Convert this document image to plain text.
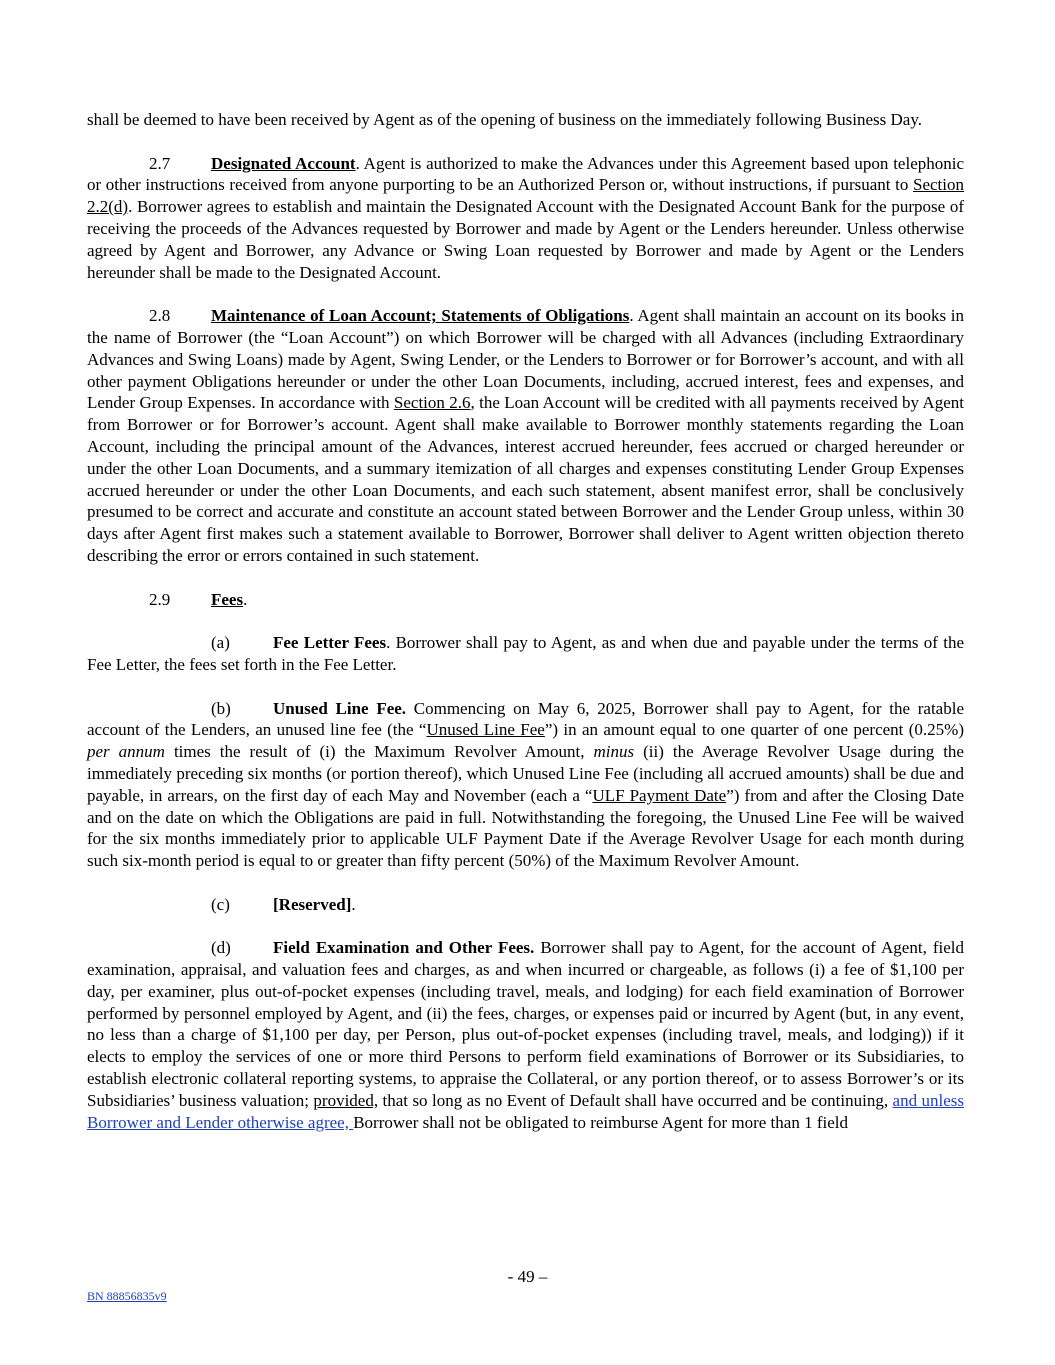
shall be deemed to have been received by Agent as of the opening of business on the immediately following Business Day.

2.7 Designated Account. Agent is authorized to make the Advances under this Agreement based upon telephonic or other instructions received from anyone purporting to be an Authorized Person or, without instructions, if pursuant to Section 2.2(d). Borrower agrees to establish and maintain the Designated Account with the Designated Account Bank for the purpose of receiving the proceeds of the Advances requested by Borrower and made by Agent or the Lenders hereunder. Unless otherwise agreed by Agent and Borrower, any Advance or Swing Loan requested by Borrower and made by Agent or the Lenders hereunder shall be made to the Designated Account.

2.8 Maintenance of Loan Account; Statements of Obligations. Agent shall maintain an account on its books in the name of Borrower (the “Loan Account”) on which Borrower will be charged with all Advances (including Extraordinary Advances and Swing Loans) made by Agent, Swing Lender, or the Lenders to Borrower or for Borrower’s account, and with all other payment Obligations hereunder or under the other Loan Documents, including, accrued interest, fees and expenses, and Lender Group Expenses. In accordance with Section 2.6, the Loan Account will be credited with all payments received by Agent from Borrower or for Borrower’s account. Agent shall make available to Borrower monthly statements regarding the Loan Account, including the principal amount of the Advances, interest accrued hereunder, fees accrued or charged hereunder or under the other Loan Documents, and a summary itemization of all charges and expenses constituting Lender Group Expenses accrued hereunder or under the other Loan Documents, and each such statement, absent manifest error, shall be conclusively presumed to be correct and accurate and constitute an account stated between Borrower and the Lender Group unless, within 30 days after Agent first makes such a statement available to Borrower, Borrower shall deliver to Agent written objection thereto describing the error or errors contained in such statement.

2.9 Fees.

(a)	Fee Letter Fees. Borrower shall pay to Agent, as and when due and payable under the terms of the Fee Letter, the fees set forth in the Fee Letter.

(b) Unused Line Fee. Commencing on May 6, 2025, Borrower shall pay to Agent, for the ratable account of the Lenders, an unused line fee (the “Unused Line Fee”) in an amount equal to one quarter of one percent (0.25%) per annum times the result of (i) the Maximum Revolver Amount, minus (ii) the Average Revolver Usage during the immediately preceding six months (or portion thereof), which Unused Line Fee (including all accrued amounts) shall be due and payable, in arrears, on the first day of each May and November (each a “ULF Payment Date”) from and after the Closing Date and on the date on which the Obligations are paid in full. Notwithstanding the foregoing, the Unused Line Fee will be waived for the six months immediately prior to applicable ULF Payment Date if the Average Revolver Usage for each month during such six-month period is equal to or greater than fifty percent (50%) of the Maximum Revolver Amount.

(c)	[Reserved].

(d) Field Examination and Other Fees. Borrower shall pay to Agent, for the account of Agent, field examination, appraisal, and valuation fees and charges, as and when incurred or chargeable, as follows (i) a fee of $1,100 per day, per examiner, plus out-of-pocket expenses (including travel, meals, and lodging) for each field examination of Borrower performed by personnel employed by Agent, and (ii) the fees, charges, or expenses paid or incurred by Agent (but, in any event, no less than a charge of $1,100 per day, per Person, plus out-of-pocket expenses (including travel, meals, and lodging)) if it elects to employ the services of one or more third Persons to perform field examinations of Borrower or its Subsidiaries, to establish electronic collateral reporting systems, to appraise the Collateral, or any portion thereof, or to assess Borrower’s or its Subsidiaries’ business valuation; provided, that so long as no Event of Default shall have occurred and be continuing, and unless Borrower and Lender otherwise agree, Borrower shall not be obligated to reimburse Agent for more than 1 field

- 49 –
BN 88856835v9
